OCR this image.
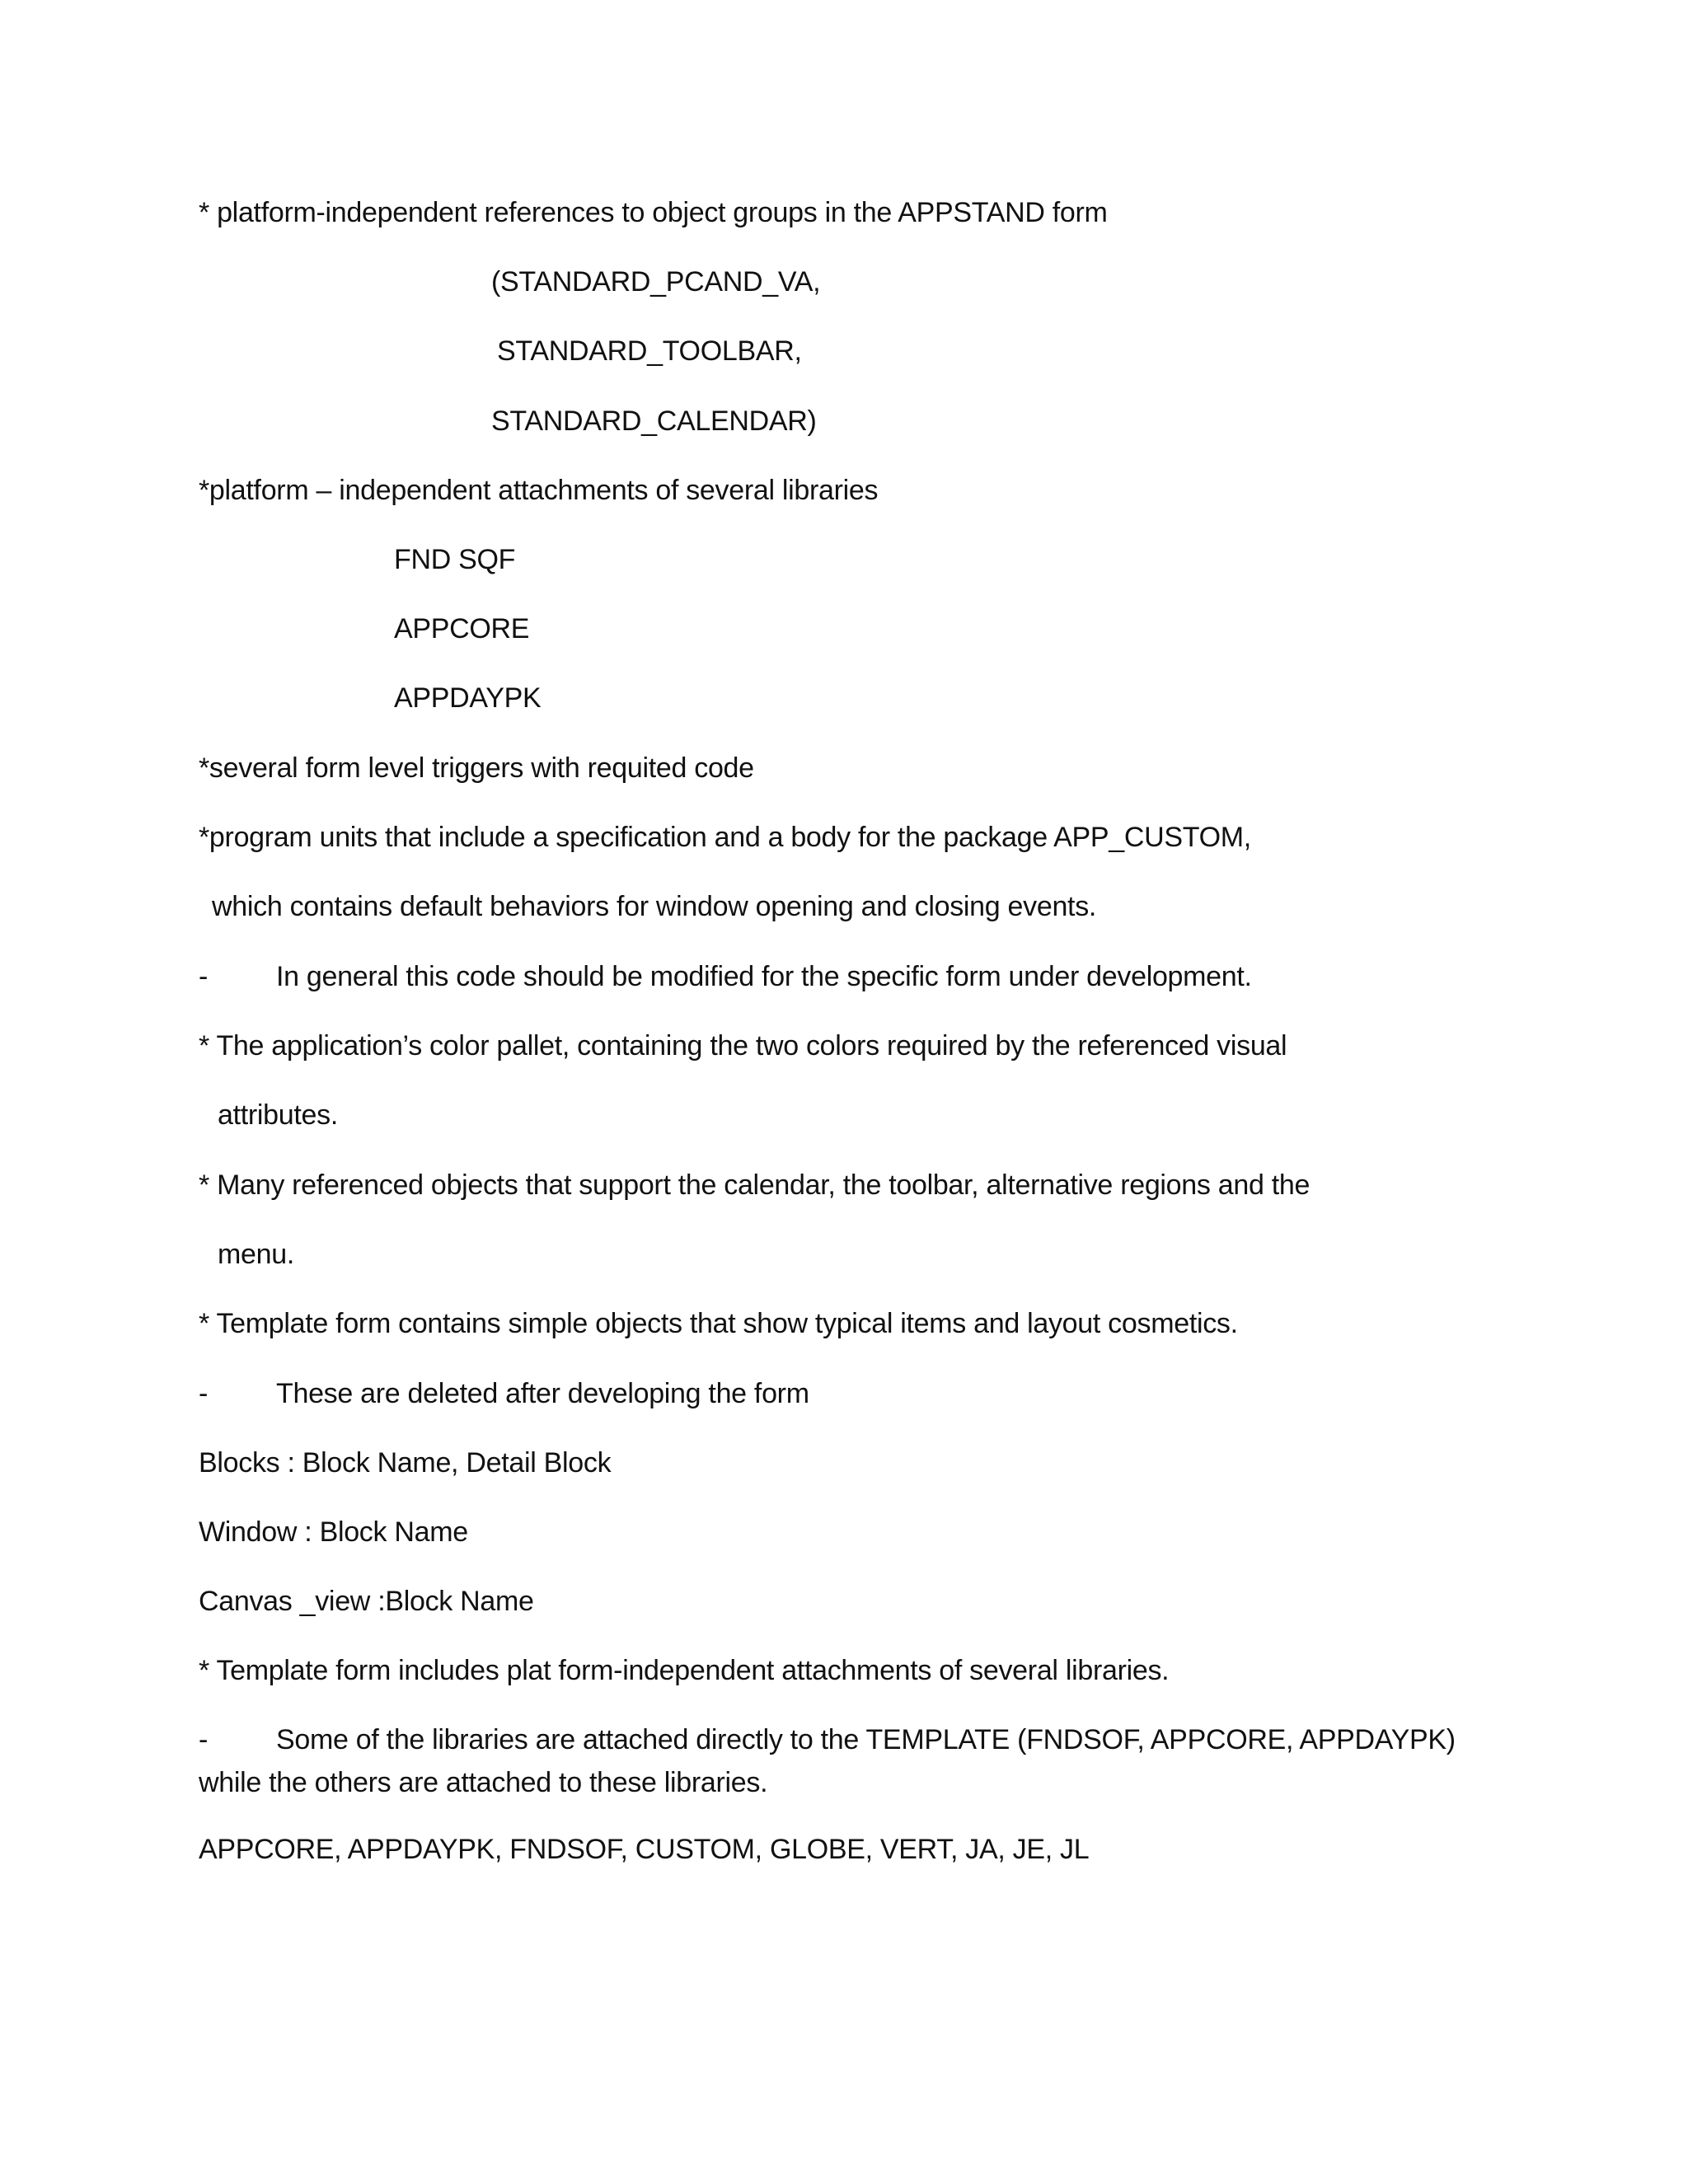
* platform-independent references to object groups in the APPSTAND form
(STANDARD_PCAND_VA,
STANDARD_TOOLBAR,
STANDARD_CALENDAR)
*platform – independent attachments of several libraries
FND SQF
APPCORE
APPDAYPK
*several form level triggers with requited code
*program units that include a specification and a body for the package APP_CUSTOM,
which contains default behaviors for window opening and closing events.
- In general this code should be modified for the specific form under development.
* The application’s color pallet, containing the two colors required by the referenced visual
attributes.
* Many referenced objects that support the calendar, the toolbar, alternative regions and the
menu.
* Template form contains simple objects that show typical items and layout cosmetics.
- These are deleted after developing the form
Blocks : Block Name, Detail Block
Window : Block Name
Canvas _view :Block Name
* Template form includes plat form-independent attachments of several libraries.
- Some of the libraries are attached directly to the TEMPLATE (FNDSOF, APPCORE, APPDAYPK) while the others are attached to these libraries.
APPCORE, APPDAYPK, FNDSOF, CUSTOM, GLOBE, VERT, JA, JE, JL
